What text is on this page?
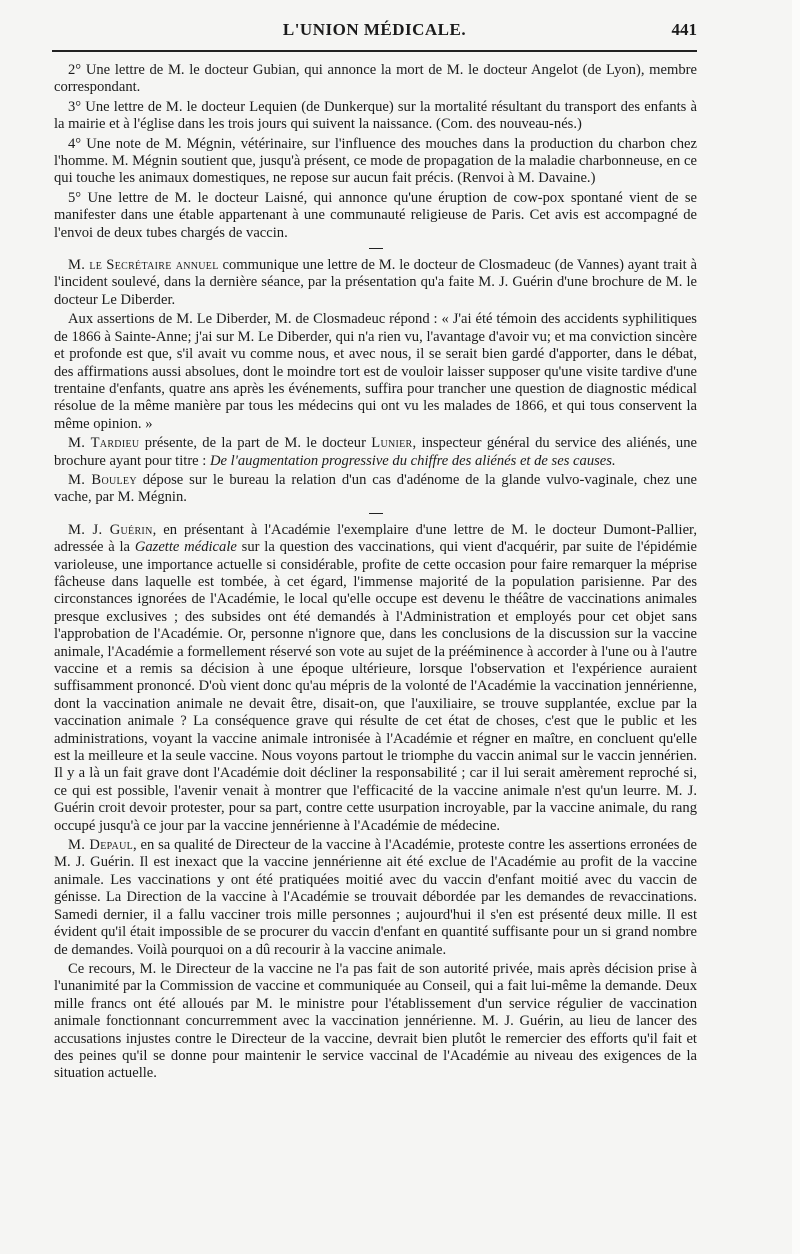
L'UNION MÉDICALE.	441

2° Une lettre de M. le docteur Gubian, qui annonce la mort de M. le docteur Angelot (de Lyon), membre correspondant.

3° Une lettre de M. le docteur Lequien (de Dunkerque) sur la mortalité résultant du transport des enfants à la mairie et à l'église dans les trois jours qui suivent la naissance. (Com. des nouveau-nés.)

4° Une note de M. Mégnin, vétérinaire, sur l'influence des mouches dans la production du charbon chez l'homme. M. Mégnin soutient que, jusqu'à présent, ce mode de propagation de la maladie charbonneuse, en ce qui touche les animaux domestiques, ne repose sur aucun fait précis. (Renvoi à M. Davaine.)

5° Une lettre de M. le docteur Laisné, qui annonce qu'une éruption de cow-pox spontané vient de se manifester dans une étable appartenant à une communauté religieuse de Paris. Cet avis est accompagné de l'envoi de deux tubes chargés de vaccin.

M. le Secrétaire annuel communique une lettre de M. le docteur de Closmadeuc (de Vannes) ayant trait à l'incident soulevé, dans la dernière séance, par la présentation qu'a faite M. J. Guérin d'une brochure de M. le docteur Le Diberder.

Aux assertions de M. Le Diberder, M. de Closmadeuc répond : « J'ai été témoin des accidents syphilitiques de 1866 à Sainte-Anne; j'ai sur M. Le Diberder, qui n'a rien vu, l'avantage d'avoir vu; et ma conviction sincère et profonde est que, s'il avait vu comme nous, et avec nous, il se serait bien gardé d'apporter, dans le débat, des affirmations aussi absolues, dont le moindre tort est de vouloir laisser supposer qu'une visite tardive d'une trentaine d'enfants, quatre ans après les événements, suffira pour trancher une question de diagnostic médical résolue de la même manière par tous les médecins qui ont vu les malades de 1866, et qui tous conservent la même opinion. »

M. Tardieu présente, de la part de M. le docteur Lunier, inspecteur général du service des aliénés, une brochure ayant pour titre : De l'augmentation progressive du chiffre des aliénés et de ses causes.

M. Bouley dépose sur le bureau la relation d'un cas d'adénome de la glande vulvo-vaginale, chez une vache, par M. Mégnin.

M. J. Guérin, en présentant à l'Académie l'exemplaire d'une lettre de M. le docteur Dumont-Pallier, adressée à la Gazette médicale sur la question des vaccinations, qui vient d'acquérir, par suite de l'épidémie varioleuse, une importance actuelle si considérable, profite de cette occasion pour faire remarquer la méprise fâcheuse dans laquelle est tombée, à cet égard, l'immense majorité de la population parisienne. Par des circonstances ignorées de l'Académie, le local qu'elle occupe est devenu le théâtre de vaccinations animales presque exclusives ; des subsides ont été demandés à l'Administration et employés pour cet objet sans l'approbation de l'Académie. Or, personne n'ignore que, dans les conclusions de la discussion sur la vaccine animale, l'Académie a formellement réservé son vote au sujet de la prééminence à accorder à l'une ou à l'autre vaccine et a remis sa décision à une époque ultérieure, lorsque l'observation et l'expérience auraient suffisamment prononcé. D'où vient donc qu'au mépris de la volonté de l'Académie la vaccination jennérienne, dont la vaccination animale ne devait être, disait-on, que l'auxiliaire, se trouve supplantée, exclue par la vaccination animale ? La conséquence grave qui résulte de cet état de choses, c'est que le public et les administrations, voyant la vaccine animale intronisée à l'Académie et régner en maître, en concluent qu'elle est la meilleure et la seule vaccine. Nous voyons partout le triomphe du vaccin animal sur le vaccin jennérien. Il y a là un fait grave dont l'Académie doit décliner la responsabilité ; car il lui serait amèrement reproché si, ce qui est possible, l'avenir venait à montrer que l'efficacité de la vaccine animale n'est qu'un leurre. M. J. Guérin croit devoir protester, pour sa part, contre cette usurpation incroyable, par la vaccine animale, du rang occupé jusqu'à ce jour par la vaccine jennérienne à l'Académie de médecine.

M. Depaul, en sa qualité de Directeur de la vaccine à l'Académie, proteste contre les assertions erronées de M. J. Guérin. Il est inexact que la vaccine jennérienne ait été exclue de l'Académie au profit de la vaccine animale. Les vaccinations y ont été pratiquées moitié avec du vaccin d'enfant moitié avec du vaccin de génisse. La Direction de la vaccine à l'Académie se trouvait débordée par les demandes de revaccinations. Samedi dernier, il a fallu vacciner trois mille personnes ; aujourd'hui il s'en est présenté deux mille. Il est évident qu'il était impossible de se procurer du vaccin d'enfant en quantité suffisante pour un si grand nombre de demandes. Voilà pourquoi on a dû recourir à la vaccine animale.

Ce recours, M. le Directeur de la vaccine ne l'a pas fait de son autorité privée, mais après décision prise à l'unanimité par la Commission de vaccine et communiquée au Conseil, qui a fait lui-même la demande. Deux mille francs ont été alloués par M. le ministre pour l'établissement d'un service régulier de vaccination animale fonctionnant concurremment avec la vaccination jennérienne. M. J. Guérin, au lieu de lancer des accusations injustes contre le Directeur de la vaccine, devrait bien plutôt le remercier des efforts qu'il fait et des peines qu'il se donne pour maintenir le service vaccinal de l'Académie au niveau des exigences de la situation actuelle.
